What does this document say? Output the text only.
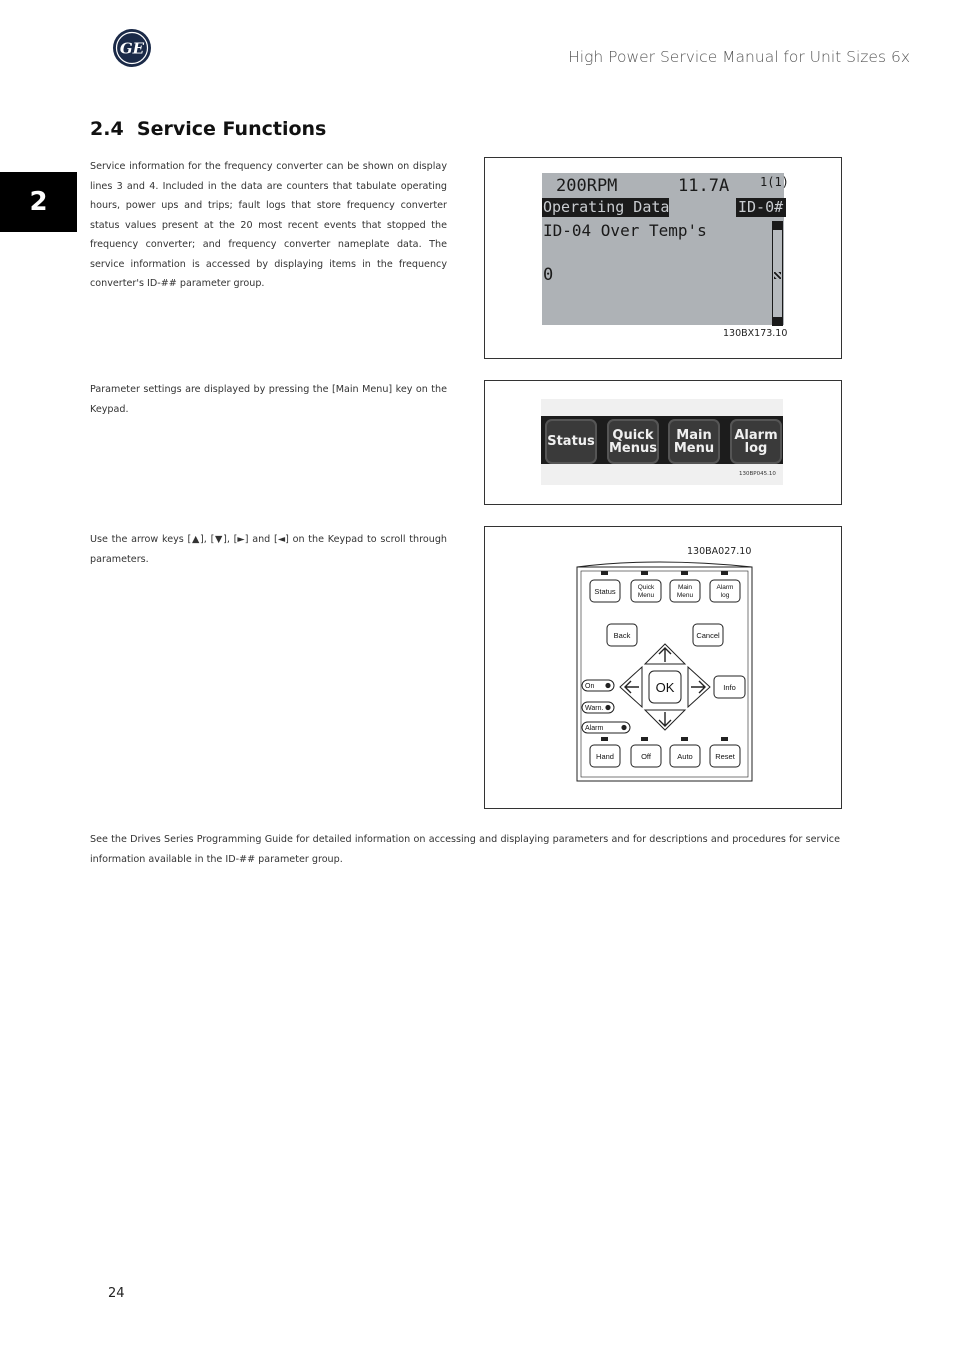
GE	High Power Service Manual for Unit Sizes 6x
2.4 Service Functions
2
Service information for the frequency converter can be shown on display lines 3 and 4. Included in the data are counters that tabulate operating hours, power ups and trips; fault logs that store frequency converter status values present at the 20 most recent events that stopped the frequency converter; and frequency converter nameplate data. The service information is accessed by displaying items in the frequency converter's ID-## parameter group.
Parameter settings are displayed by pressing the [Main Menu] key on the Keypad.
Use the arrow keys [▲], [▼], [►] and [◄] on the Keypad to scroll through parameters.
See the Drives Series Programming Guide for detailed information on accessing and displaying parameters and for descriptions and procedures for service information available in the ID-## parameter group.
200RPM	11.7A	1(1)
Operating Data	ID-0#
ID-04 Over Temp's
0
130BX173.10
Status Quick
Menus
Main
Menu
Alarm
log
130BP045.10
130BA027.10
Status	Quick
Menu
Main
Menu
Alarm
log
Back	Cancel
OK	Info
Hand	Off	Auto	Reset
On
Warn.
Alarm
24
